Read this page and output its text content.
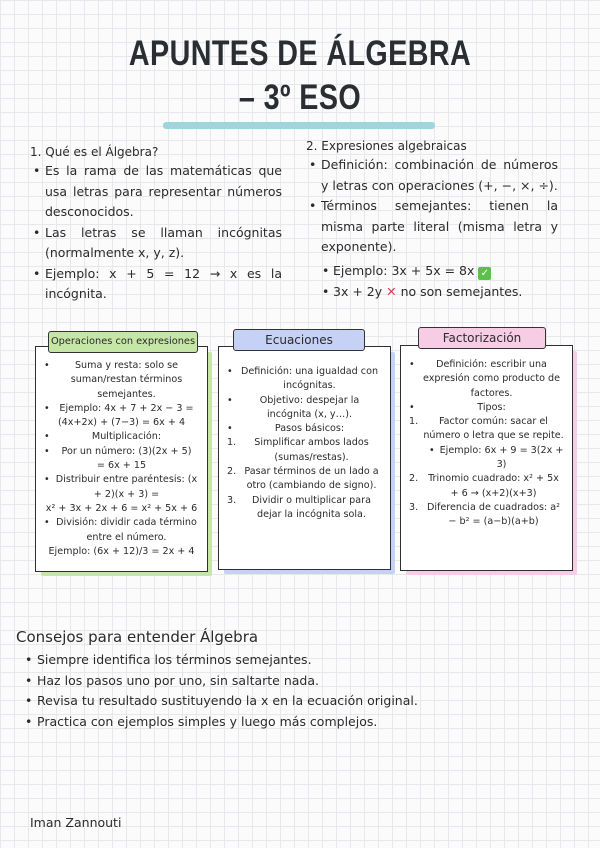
APUNTES DE ÁLGEBRA
– 3º ESO
1. Qué es el Álgebra?
• Es la rama de las matemáticas que usa letras para representar números desconocidos.
• Las letras se llaman incógnitas (normalmente x, y, z).
• Ejemplo: x + 5 = 12 → x es la incógnita.
2. Expresiones algebraicas
• Definición: combinación de números y letras con operaciones (+, −, ×, ÷).
• Términos semejantes: tienen la misma parte literal (misma letra y exponente).
• Ejemplo: 3x + 5x = 8x ✓
• 3x + 2y ✕ no son semejantes.

• Suma y resta: solo se suman/restan términos semejantes.

• Ejemplo: 4x + 7 + 2x − 3 =

(4x+2x) + (7−3) = 6x + 4

• Multiplicación:

• Por un número: (3)(2x + 5)

= 6x + 15

• Distribuir entre paréntesis: (x + 2)(x + 3) =

x² + 3x + 2x + 6 = x² + 5x + 6

• División: dividir cada término entre el número.

Ejemplo: (6x + 12)/3 = 2x + 4

Operaciones con expresiones

• Definición: una igualdad con incógnitas.

• Objetivo: despejar la incógnita (x, y…).

• Pasos básicos:

1. Simplificar ambos lados (sumas/restas).

2. Pasar términos de un lado a otro (cambiando de signo).

3. Dividir o multiplicar para dejar la incógnita sola.

Ecuaciones

• Definición: escribir una expresión como producto de factores.

• Tipos:

1. Factor común: sacar el número o letra que se repite.

• Ejemplo: 6x + 9 = 3(2x + 3)

2. Trinomio cuadrado: x² + 5x + 6 → (x+2)(x+3)

3. Diferencia de cuadrados: a² − b² = (a−b)(a+b)

Factorización
Consejos para entender Álgebra
• Siempre identifica los términos semejantes.
• Haz los pasos uno por uno, sin saltarte nada.
• Revisa tu resultado sustituyendo la x en la ecuación original.
• Practica con ejemplos simples y luego más complejos.
Iman Zannouti
